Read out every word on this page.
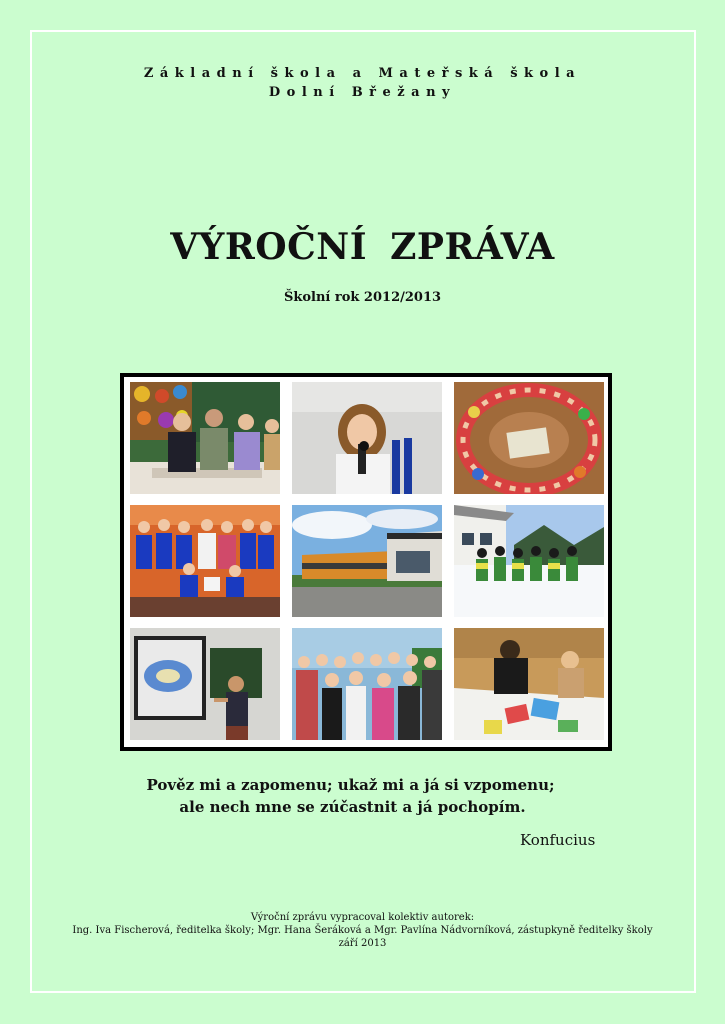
Základní škola a Mateřská škola
Dolní Břežany
VÝROČNÍ ZPRÁVA
Školní rok 2012/2013
Pověz mi a zapomenu; ukaž mi a já si vzpomenu;
ale nech mne se zúčastnit a já pochopím.
Konfucius
Výroční zprávu vypracoval kolektiv autorek:
Ing. Iva Fischerová, ředitelka školy; Mgr. Hana Šeráková a Mgr. Pavlína Nádvorníková, zástupkyně ředitelky školy
září 2013
